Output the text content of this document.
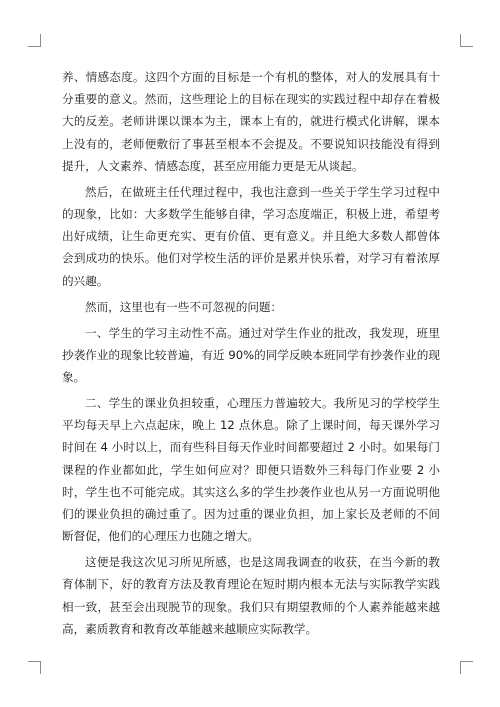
养、情感态度。这四个方面的目标是一个有机的整体，对人的发展具有十分重要的意义。然而，这些理论上的目标在现实的实践过程中却存在着极大的反差。老师讲课以课本为主，课本上有的，就进行模式化讲解，课本上没有的，老师便敷衍了事甚至根本不会提及。不要说知识技能没有得到提升，人文素养、情感态度，甚至应用能力更是无从谈起。

然后，在做班主任代理过程中，我也注意到一些关于学生学习过程中的现象，比如：大多数学生能够自律，学习态度端正，积极上进，希望考出好成绩，让生命更充实、更有价值、更有意义。并且绝大多数人都曾体会到成功的快乐。他们对学校生活的评价是累并快乐着，对学习有着浓厚的兴趣。

然而，这里也有一些不可忽视的问题：

一、学生的学习主动性不高。通过对学生作业的批改，我发现，班里抄袭作业的现象比较普遍，有近 90%的同学反映本班同学有抄袭作业的现象。

二、学生的课业负担较重，心理压力普遍较大。我所见习的学校学生平均每天早上六点起床，晚上 12 点休息。除了上课时间，每天课外学习时间在 4 小时以上，而有些科目每天作业时间都要超过 2 小时。如果每门课程的作业都如此，学生如何应对？即便只语数外三科每门作业要 2 小时，学生也不可能完成。其实这么多的学生抄袭作业也从另一方面说明他们的课业负担的确过重了。因为过重的课业负担，加上家长及老师的不间断督促，他们的心理压力也随之增大。

这便是我这次见习所见所感，也是这周我调查的收获，在当今新的教育体制下，好的教育方法及教育理论在短时期内根本无法与实际教学实践相一致，甚至会出现脱节的现象。我们只有期望教师的个人素养能越来越高，素质教育和教育改革能越来越顺应实际教学。
